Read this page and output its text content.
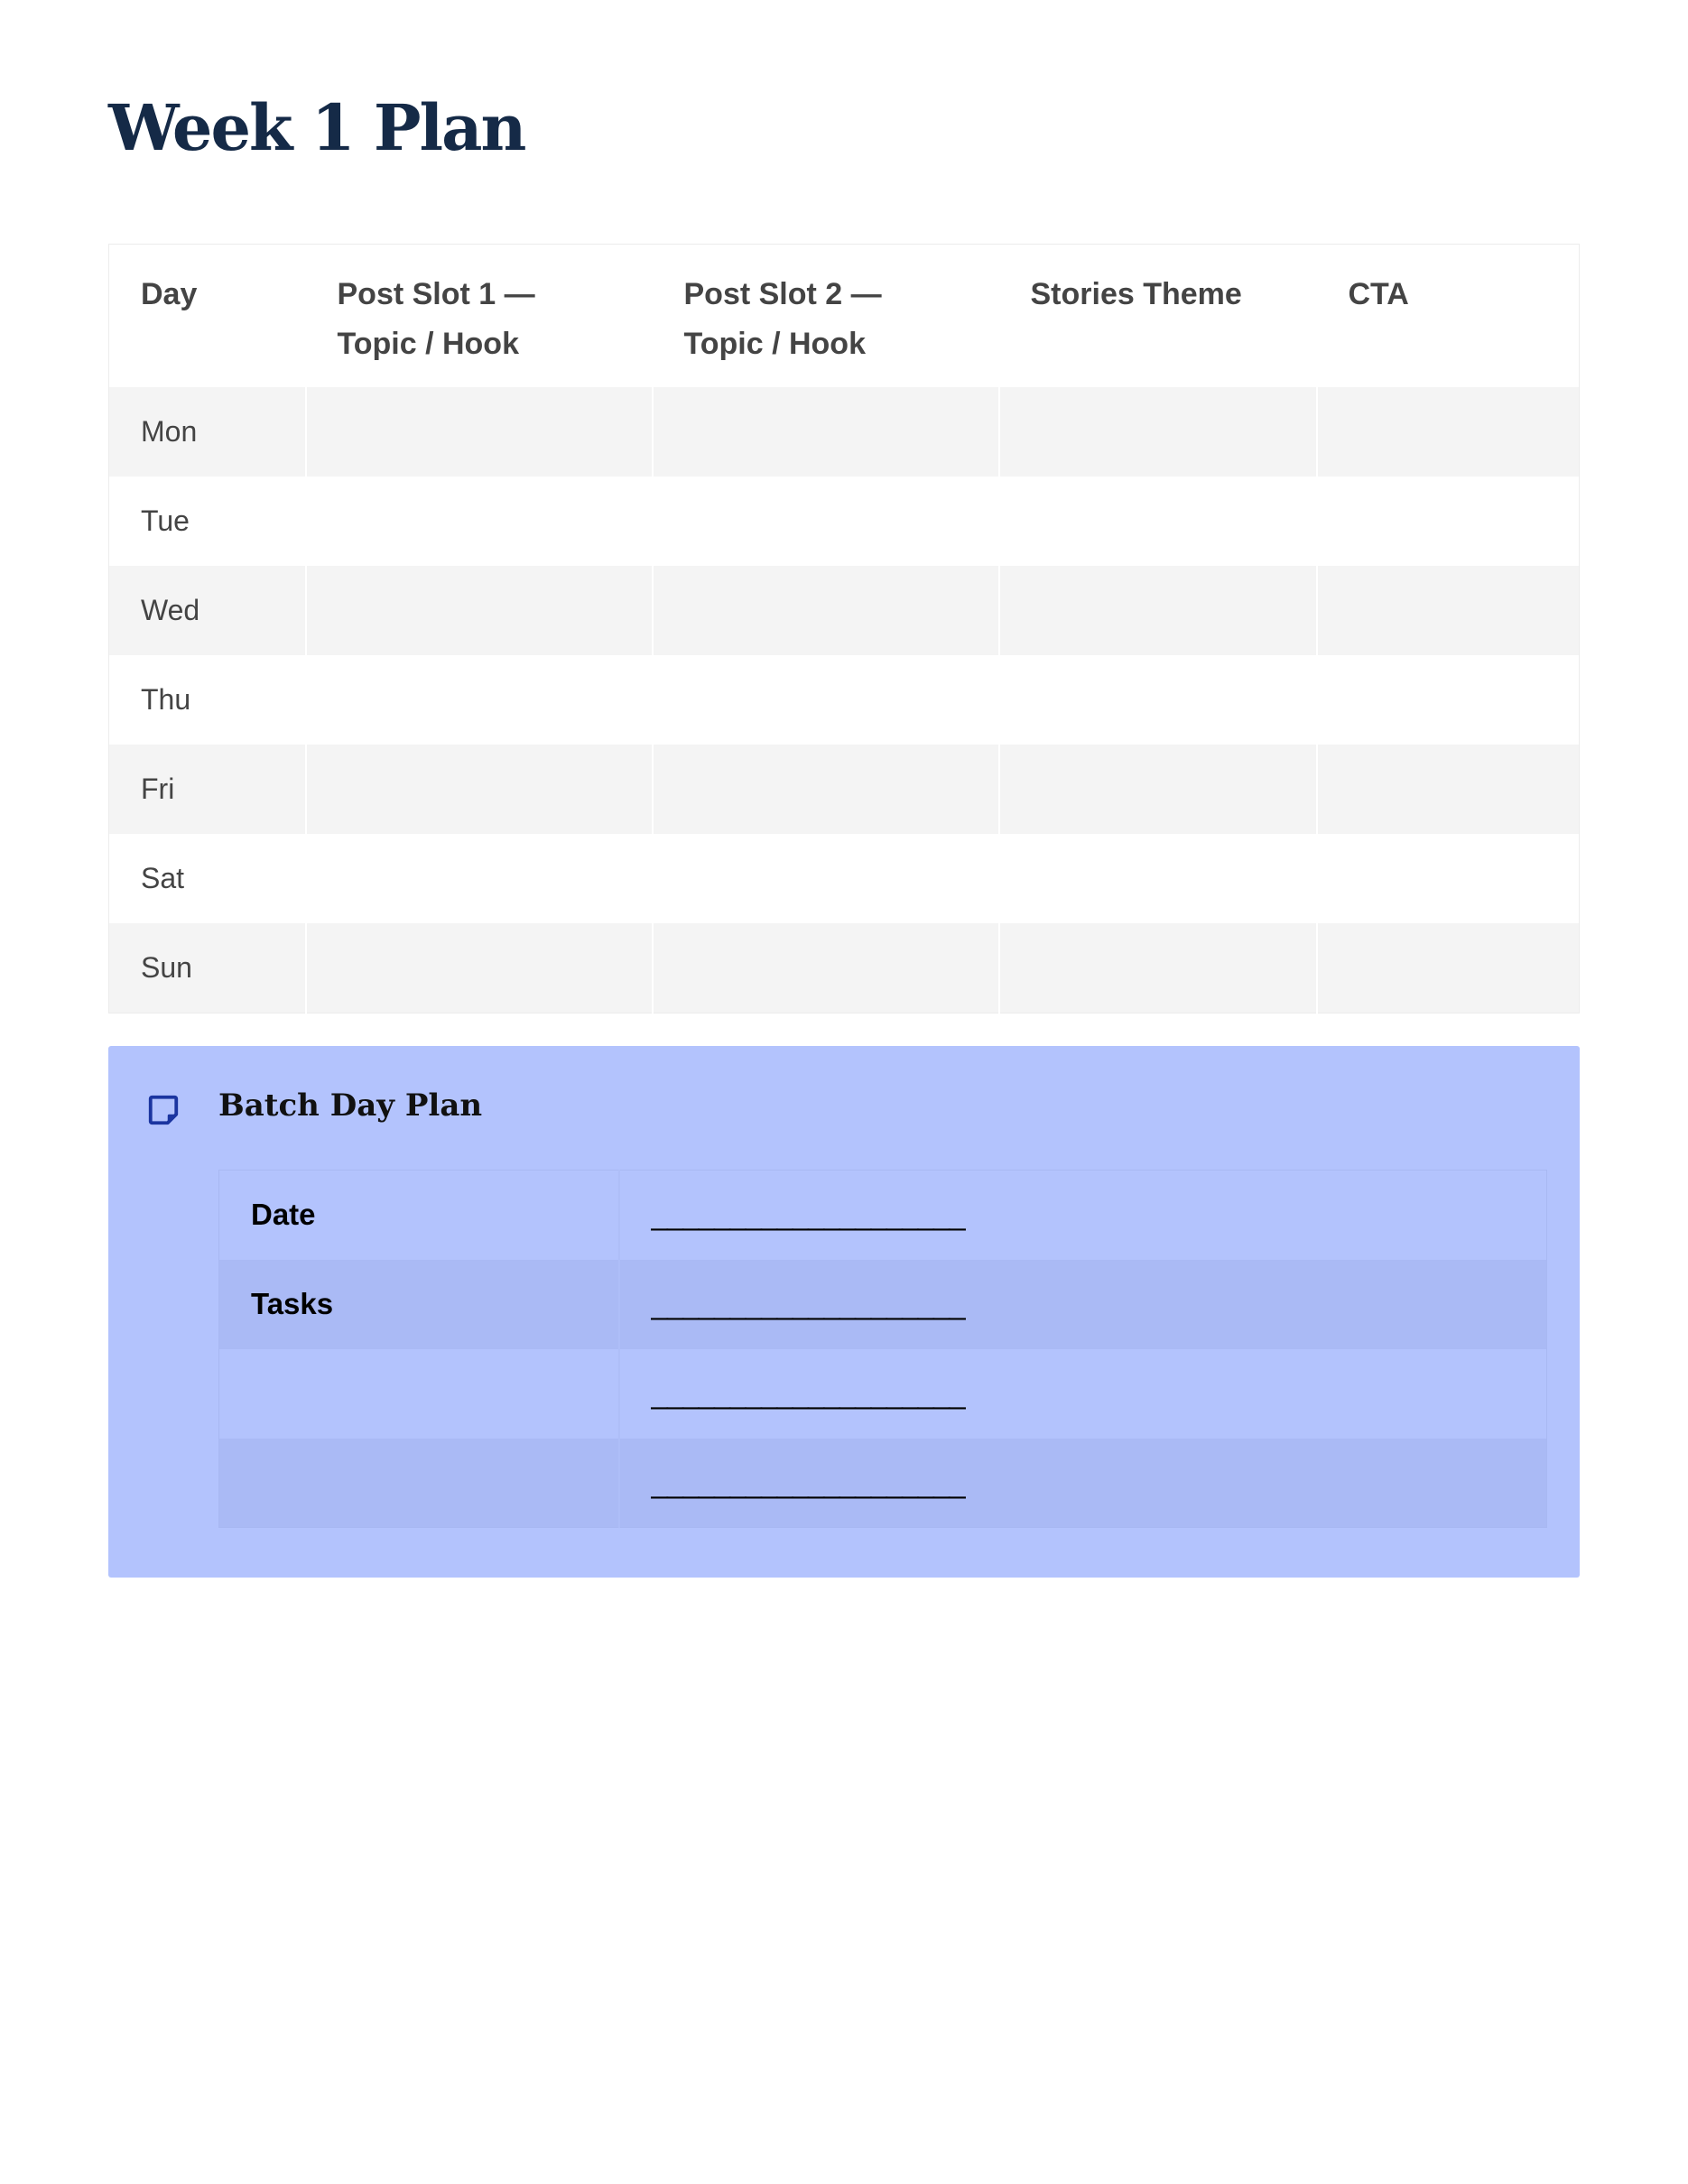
Week 1 Plan
Day	Post Slot 1 — Topic / Hook	Post Slot 2 — Topic / Hook	Stories Theme	CTA
Mon				
Tue				
Wed				
Thu				
Fri				
Sat				
Sun				
Batch Day Plan
Date	____________________
Tasks	____________________
	____________________
	____________________
